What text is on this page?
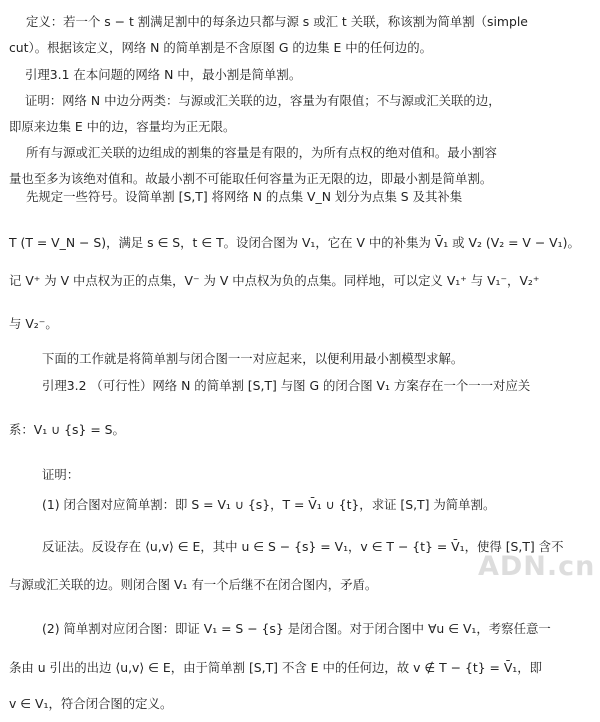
定义：若一个 s − t 割满足割中的每条边只都与源 s 或汇 t 关联，称该割为简单割（simple
cut）。根据该定义，网络 N 的简单割是不含原图 G 的边集 E 中的任何边的。
引理3.1 在本问题的网络 N 中，最小割是简单割。
证明：网络 N 中边分两类：与源或汇关联的边，容量为有限值；不与源或汇关联的边，
即原来边集 E 中的边，容量均为正无限。
所有与源或汇关联的边组成的割集的容量是有限的，为所有点权的绝对值和。最小割容
量也至多为该绝对值和。故最小割不可能取任何容量为正无限的边，即最小割是简单割。
先规定一些符号。设简单割 [S,T] 将网络 N 的点集 V_N 划分为点集 S 及其补集
T (T = V_N − S)，满足 s ∈ S，t ∈ T。设闭合图为 V₁，它在 V 中的补集为 V̄₁ 或 V₂ (V₂ = V − V₁)。
记 V⁺ 为 V 中点权为正的点集，V⁻ 为 V 中点权为负的点集。同样地，可以定义 V₁⁺ 与 V₁⁻，V₂⁺
与 V₂⁻。
下面的工作就是将简单割与闭合图一一对应起来，以便利用最小割模型求解。
引理3.2 （可行性）网络 N 的简单割 [S,T] 与图 G 的闭合图 V₁ 方案存在一个一一对应关
系：V₁ ∪ {s} = S。
证明：
(1) 闭合图对应简单割：即 S = V₁ ∪ {s}，T = V̄₁ ∪ {t}，求证 [S,T] 为简单割。
反证法。反设存在 ⟨u,v⟩ ∈ E，其中 u ∈ S − {s} = V₁，v ∈ T − {t} = V̄₁，使得 [S,T] 含不
与源或汇关联的边。则闭合图 V₁ 有一个后继不在闭合图内，矛盾。
(2) 简单割对应闭合图：即证 V₁ = S − {s} 是闭合图。对于闭合图中 ∀u ∈ V₁，考察任意一
条由 u 引出的出边 ⟨u,v⟩ ∈ E，由于简单割 [S,T] 不含 E 中的任何边，故 v ∉ T − {t} = V̄₁，即
v ∈ V₁，符合闭合图的定义。
ADN.cn
